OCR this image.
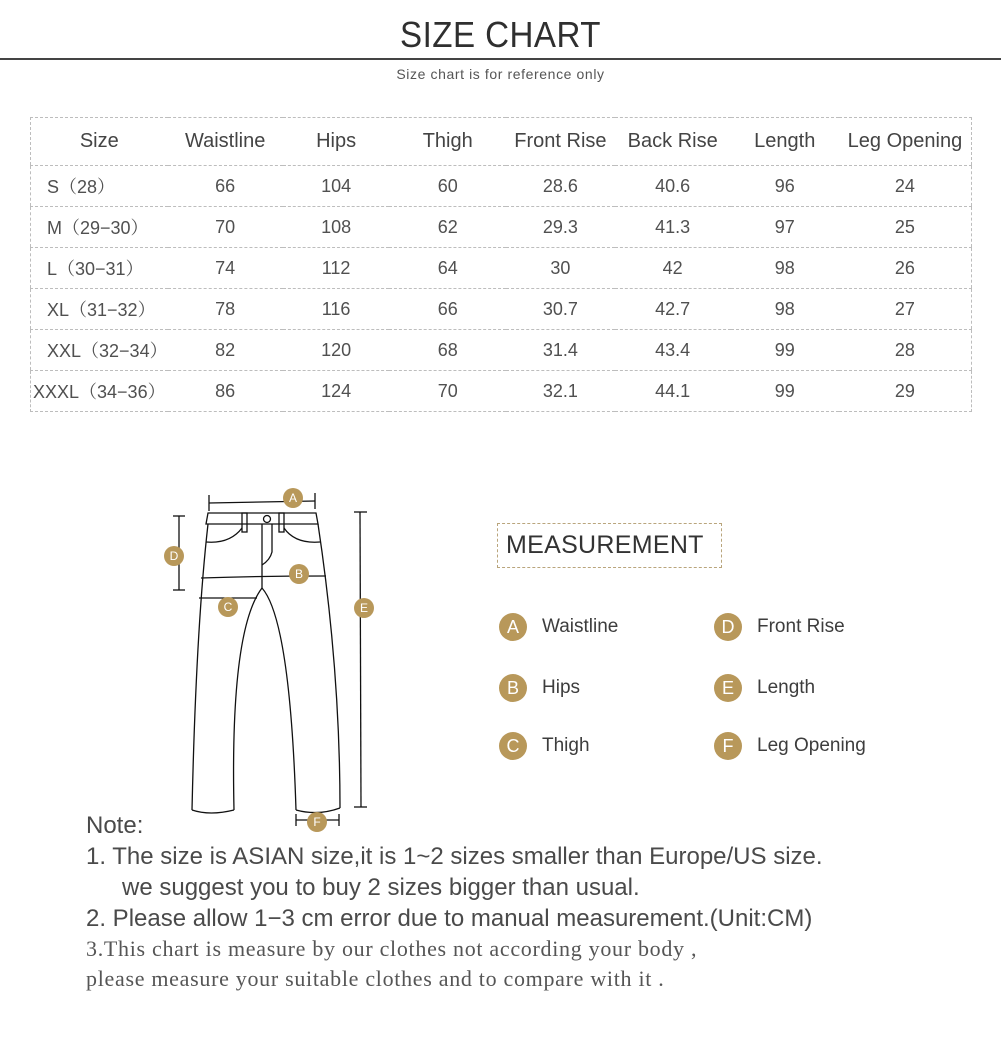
SIZE CHART
Size chart is for reference only
Size	Waistline	Hips	Thigh	Front Rise	Back Rise	Length	Leg Opening
S（28）	66	104	60	28.6	40.6	96	24
M（29−30）	70	108	62	29.3	41.3	97	25
L（30−31）	74	112	64	30	42	98	26
XL（31−32）	78	116	66	30.7	42.7	98	27
XXL（32−34）	82	120	68	31.4	43.4	99	28
XXXL（34−36）	86	124	70	32.1	44.1	99	29
A
B
C
D
E
F
MEASUREMENT
A	Waistline
B	Hips
C	Thigh
D	Front Rise
E	Length
F	Leg Opening
Note:
1. The size is ASIAN size,it is 1~2 sizes smaller than Europe/US size.
we suggest you to buy 2 sizes bigger than usual.
2. Please allow 1−3 cm error due to manual measurement.(Unit:CM)
3.This chart is measure by our clothes not according your body ,
please measure your suitable clothes and to compare with it .
